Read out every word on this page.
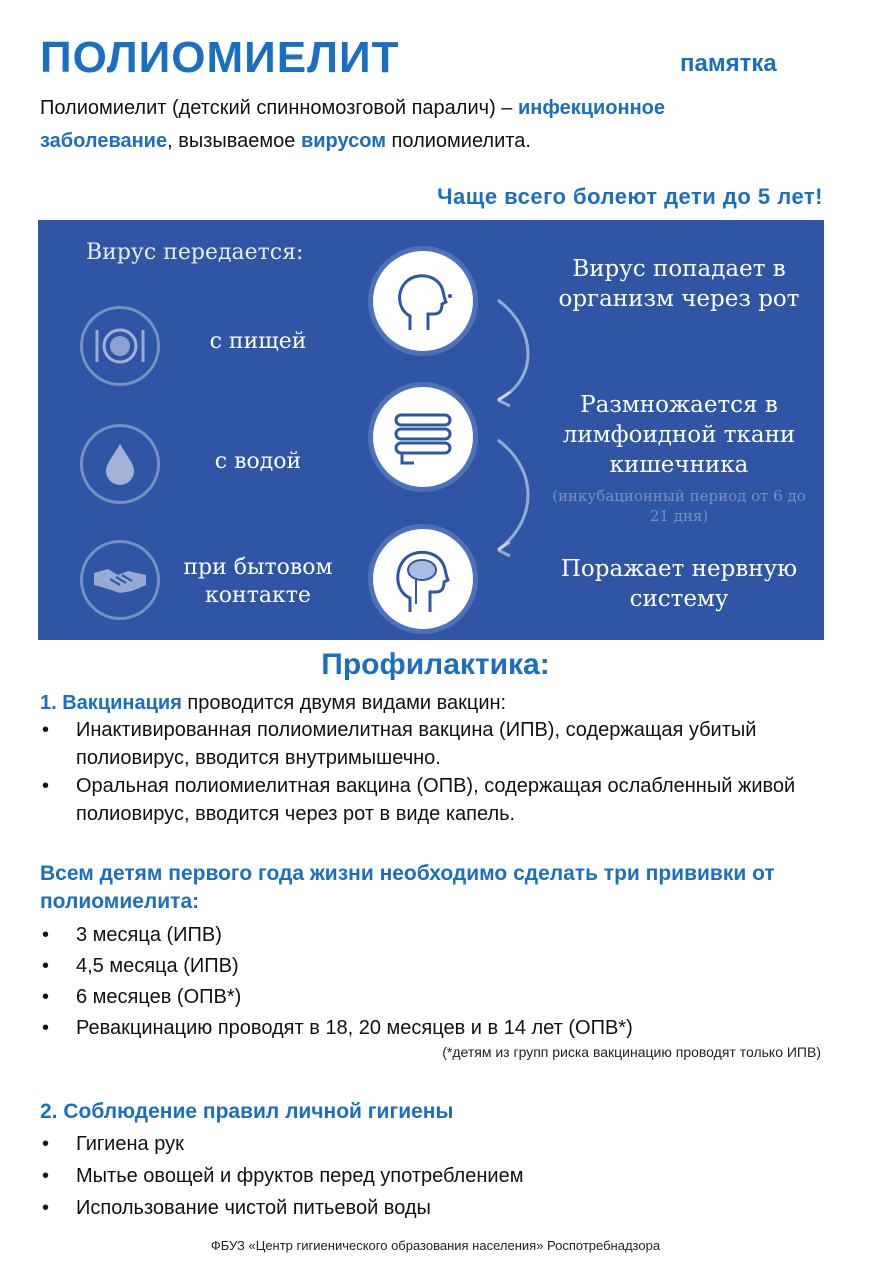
ПОЛИОМИЕЛИТ	памятка
Полиомиелит (детский спинномозговой паралич) – инфекционное заболевание, вызываемое вирусом полиомиелита.
Чаще всего болеют дети до 5 лет!
Вирус передается:
с пищей
с водой
при бытовом контакте
Вирус попадает в организм через рот
Размножается в лимфоидной ткани кишечника
(инкубационный период от 6 до 21 дня)
Поражает нервную систему
Профилактика:
1. Вакцинация проводится двумя видами вакцин:
• Инактивированная полиомиелитная вакцина (ИПВ), содержащая убитый полиовирус, вводится внутримышечно.
• Оральная полиомиелитная вакцина (ОПВ), содержащая ослабленный живой полиовирус, вводится через рот в виде капель.
Всем детям первого года жизни необходимо сделать три прививки от полиомиелита:
• 3 месяца (ИПВ)
• 4,5 месяца (ИПВ)
• 6 месяцев (ОПВ*)
• Ревакцинацию проводят в 18, 20 месяцев и в 14 лет (ОПВ*)
(*детям из групп риска вакцинацию проводят только ИПВ)
2. Соблюдение правил личной гигиены
• Гигиена рук
• Мытье овощей и фруктов перед употреблением
• Использование чистой питьевой воды
ФБУЗ «Центр гигиенического образования населения» Роспотребнадзора
